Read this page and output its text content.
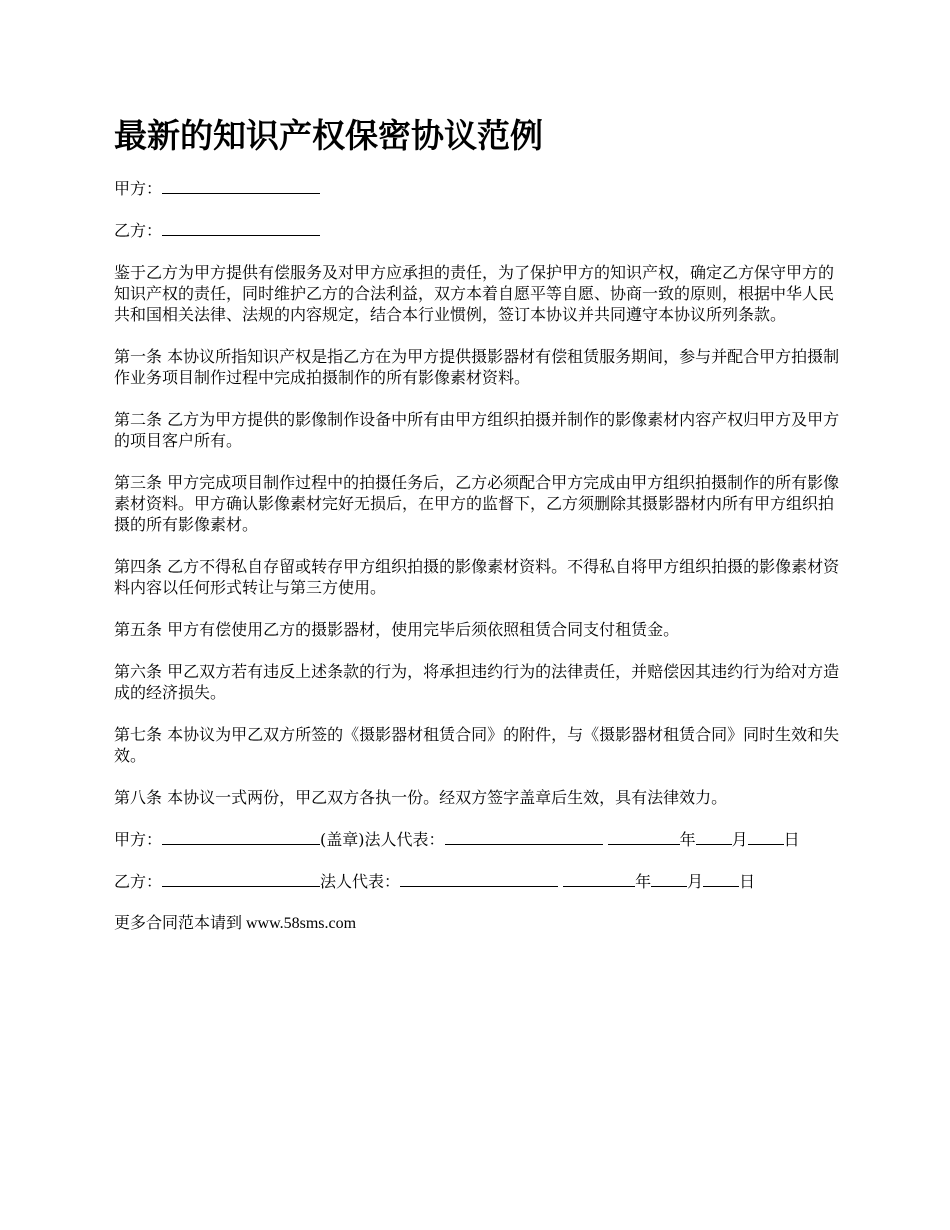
最新的知识产权保密协议范例

甲方：

乙方：

鉴于乙方为甲方提供有偿服务及对甲方应承担的责任，为了保护甲方的知识产权，确定乙方保守甲方的知识产权的责任，同时维护乙方的合法利益，双方本着自愿平等自愿、协商一致的原则，根据中华人民共和国相关法律、法规的内容规定，结合本行业惯例，签订本协议并共同遵守本协议所列条款。

第一条 本协议所指知识产权是指乙方在为甲方提供摄影器材有偿租赁服务期间，参与并配合甲方拍摄制作业务项目制作过程中完成拍摄制作的所有影像素材资料。

第二条 乙方为甲方提供的影像制作设备中所有由甲方组织拍摄并制作的影像素材内容产权归甲方及甲方的项目客户所有。

第三条 甲方完成项目制作过程中的拍摄任务后，乙方必须配合甲方完成由甲方组织拍摄制作的所有影像素材资料。甲方确认影像素材完好无损后，在甲方的监督下，乙方须删除其摄影器材内所有甲方组织拍摄的所有影像素材。

第四条 乙方不得私自存留或转存甲方组织拍摄的影像素材资料。不得私自将甲方组织拍摄的影像素材资料内容以任何形式转让与第三方使用。

第五条 甲方有偿使用乙方的摄影器材，使用完毕后须依照租赁合同支付租赁金。

第六条 甲乙双方若有违反上述条款的行为，将承担违约行为的法律责任，并赔偿因其违约行为给对方造成的经济损失。

第七条 本协议为甲乙双方所签的《摄影器材租赁合同》的附件，与《摄影器材租赁合同》同时生效和失效。

第八条 本协议一式两份，甲乙双方各执一份。经双方签字盖章后生效，具有法律效力。

甲方：	(盖章)法人代表：	年 月 日

乙方：	法人代表：	年 月 日

更多合同范本请到 www.58sms.com
